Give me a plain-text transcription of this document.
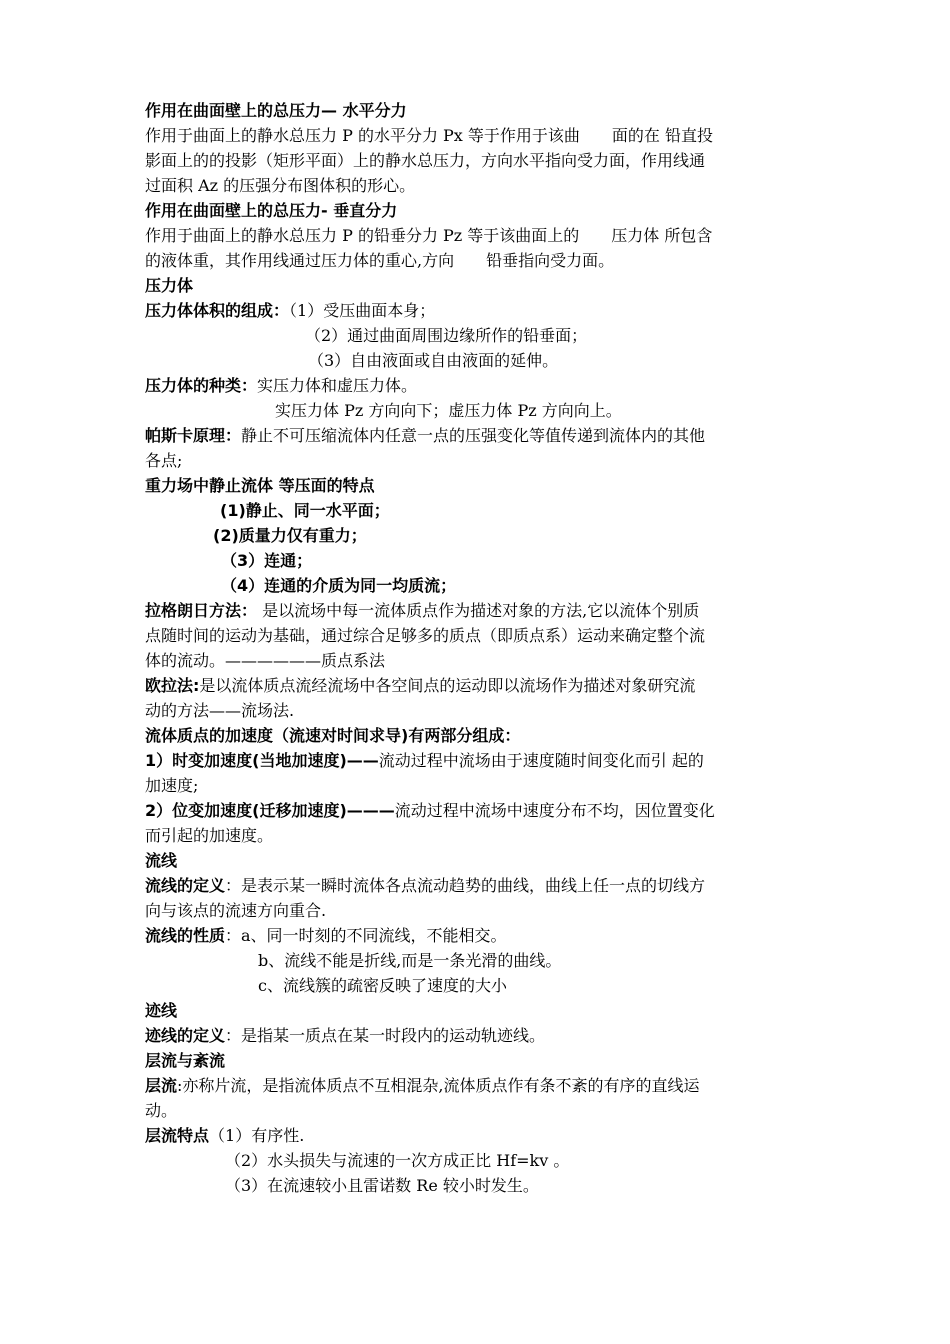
作用在曲面壁上的总压力— 水平分力
作用于曲面上的静水总压力 P 的水平分力 Px 等于作用于该曲　　面的在 铅直投
影面上的的投影（矩形平面）上的静水总压力，方向水平指向受力面，作用线通
过面积 Az 的压强分布图体积的形心。
作用在曲面壁上的总压力- 垂直分力
作用于曲面上的静水总压力 P 的铅垂分力 Pz 等于该曲面上的　　压力体 所包含
的液体重，其作用线通过压力体的重心,方向　　铅垂指向受力面。
压力体
压力体体积的组成：（1）受压曲面本身；
（2）通过曲面周围边缘所作的铅垂面；
（3）自由液面或自由液面的延伸。
压力体的种类：实压力体和虚压力体。
实压力体 Pz 方向向下；虚压力体 Pz 方向向上。
帕斯卡原理：静止不可压缩流体内任意一点的压强变化等值传递到流体内的其他
各点;
重力场中静止流体 等压面的特点
(1)静止、同一水平面；
(2)质量力仅有重力；
（3）连通；
（4）连通的介质为同一均质流；
拉格朗日方法： 是以流场中每一流体质点作为描述对象的方法,它以流体个别质
点随时间的运动为基础，通过综合足够多的质点（即质点系）运动来确定整个流
体的流动。——————质点系法
欧拉法:是以流体质点流经流场中各空间点的运动即以流场作为描述对象研究流
动的方法——流场法.
流体质点的加速度（流速对时间求导)有两部分组成：
1）时变加速度(当地加速度)——流动过程中流场由于速度随时间变化而引 起的
加速度;
2）位变加速度(迁移加速度)———流动过程中流场中速度分布不均，因位置变化
而引起的加速度。
流线
流线的定义：是表示某一瞬时流体各点流动趋势的曲线，曲线上任一点的切线方
向与该点的流速方向重合.
流线的性质：a、同一时刻的不同流线，不能相交。
b、流线不能是折线,而是一条光滑的曲线。
c、流线簇的疏密反映了速度的大小
迹线
迹线的定义：是指某一质点在某一时段内的运动轨迹线。
层流与紊流
层流:亦称片流，是指流体质点不互相混杂,流体质点作有条不紊的有序的直线运
动。
层流特点（1）有序性.
（2）水头损失与流速的一次方成正比 Hf=kv 。
（3）在流速较小且雷诺数 Re 较小时发生。
